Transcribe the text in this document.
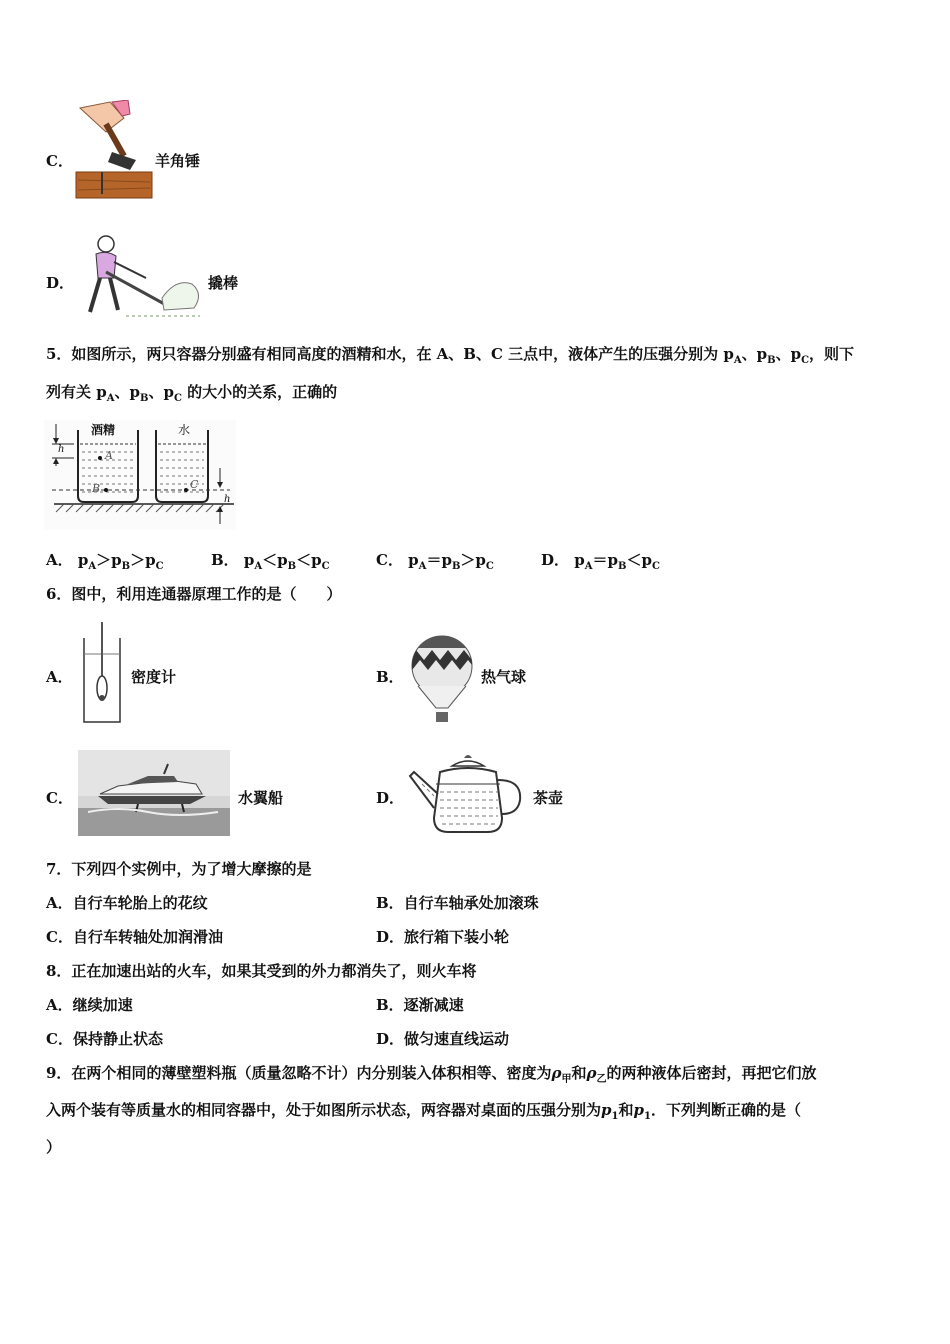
C．	羊角锤
D．	撬棒
5．如图所示，两只容器分别盛有相同高度的酒精和水，在 A、B、C 三点中，液体产生的压强分别为 $p_A$、$p_B$、$p_C$，则下
列有关 $p_A$、$p_B$、$p_C$ 的大小的关系，正确的
酒精	水
A
B	C
h
h
A． $p_A>p_B>p_C$	B． $p_A<p_B<p_C$	C． $p_A=p_B>p_C$	D． $p_A=p_B<p_C$
6．图中，利用连通器原理工作的是（　　）
A．	密度计	B．	热气球
C．	水翼船	D．	茶壶
7．下列四个实例中，为了增大摩擦的是
A．自行车轮胎上的花纹	B．自行车轴承处加滚珠
C．自行车转轴处加润滑油	D．旅行箱下装小轮
8．正在加速出站的火车，如果其受到的外力都消失了，则火车将
A．继续加速	B．逐渐减速
C．保持静止状态	D．做匀速直线运动
9．在两个相同的薄壁塑料瓶（质量忽略不计）内分别装入体积相等、密度为$\rho_甲$和$\rho_乙$的两种液体后密封，再把它们放
入两个装有等质量水的相同容器中，处于如图所示状态，两容器对桌面的压强分别为$p_1$和$p_1$．下列判断正确的是（
）
